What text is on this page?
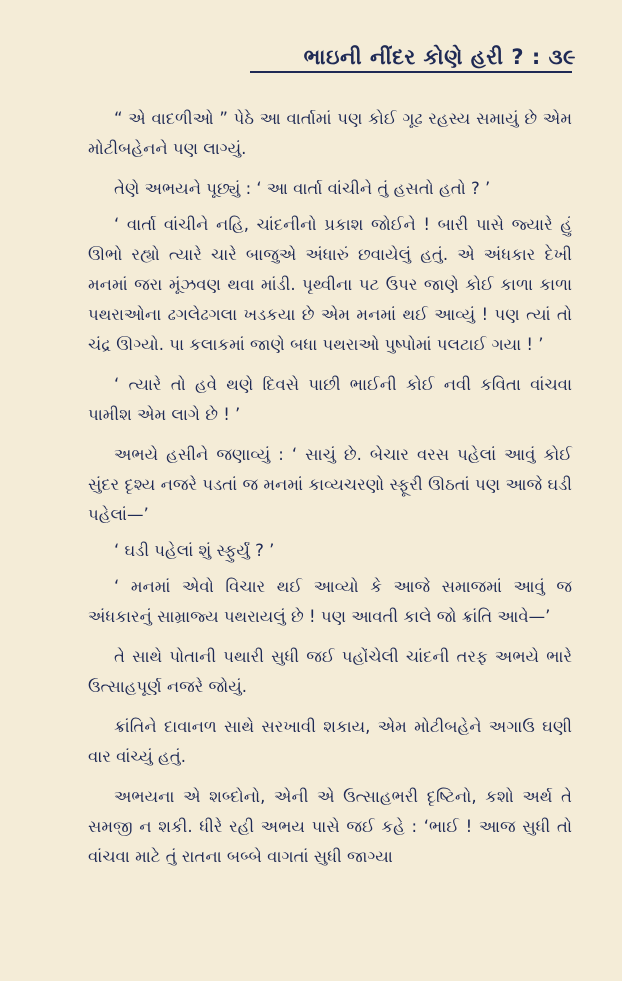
ભાઇની નીંદર કોણે હરી ? : ૩૯

“ એ વાદળીઓ ” પેઠે આ વાર્તામાં પણ કોઈ ગૂઢ રહસ્ય સમાયું છે એમ મોટીબહેનને પણ લાગ્યું.

તેણે અભયને પૂછ્યું : ‘ આ વાર્તા વાંચીને તું હસતો હતો ? ’

‘ વાર્તા વાંચીને નહિ, ચાંદનીનો પ્રકાશ જોઈને ! બારી પાસે જ્યારે હું ઊભો રહ્યો ત્યારે ચારે બાજુએ અંધારું છવાયેલું હતું. એ અંધકાર દેખી મનમાં જરા મૂંઝવણ થવા માંડી. પૃથ્વીના પટ ઉપર જાણે કોઈ કાળા કાળા પથરાઓના ઢગલેઢગલા ખડકયા છે એમ મનમાં થઈ આવ્યું ! પણ ત્યાં તો ચંદ્ર ઊગ્યો. પા કલાકમાં જાણે બધા પથરાઓ પુષ્પોમાં પલટાઈ ગયા ! ’

‘ ત્યારે તો હવે થણે દિવસે પાછી ભાઈની કોઈ નવી કવિતા વાંચવા પામીશ એમ લાગે છે ! ’

અભયે હસીને જણાવ્યું : ‘ સાચું છે. બેચાર વરસ પહેલાં આવું કોઈ સુંદર દૃશ્ય નજરે પડતાં જ મનમાં કાવ્યચરણો સ્ફૂરી ઊઠતાં પણ આજે ઘડી પહેલાં—’

‘ ઘડી પહેલાં શું સ્ફુર્યું ? ’

‘ મનમાં એવો વિચાર થઈ આવ્યો કે આજે સમાજમાં આવું જ અંધકારનું સામ્રાજ્ય પથરાયલું છે ! પણ આવતી કાલે જો ક્રાંતિ આવે—’

તે સાથે પોતાની પથારી સુધી જઈ પહોંચેલી ચાંદની તરફ અભયે ભારે ઉત્સાહપૂર્ણ નજરે જોયું.

ક્રાંતિને દાવાનળ સાથે સરખાવી શકાય, એમ મોટીબહેને અગાઉ ઘણી વાર વાંચ્યું હતું.

અભયના એ શબ્દોનો, એની એ ઉત્સાહભરી દૃષ્ટિનો, કશો અર્થ તે સમજી ન શકી. ધીરે રહી અભય પાસે જઈ કહે : ‘ભાઈ ! આજ સુધી તો વાંચવા માટે તું રાતના બબ્બે વાગતાં સુધી જાગ્યા
